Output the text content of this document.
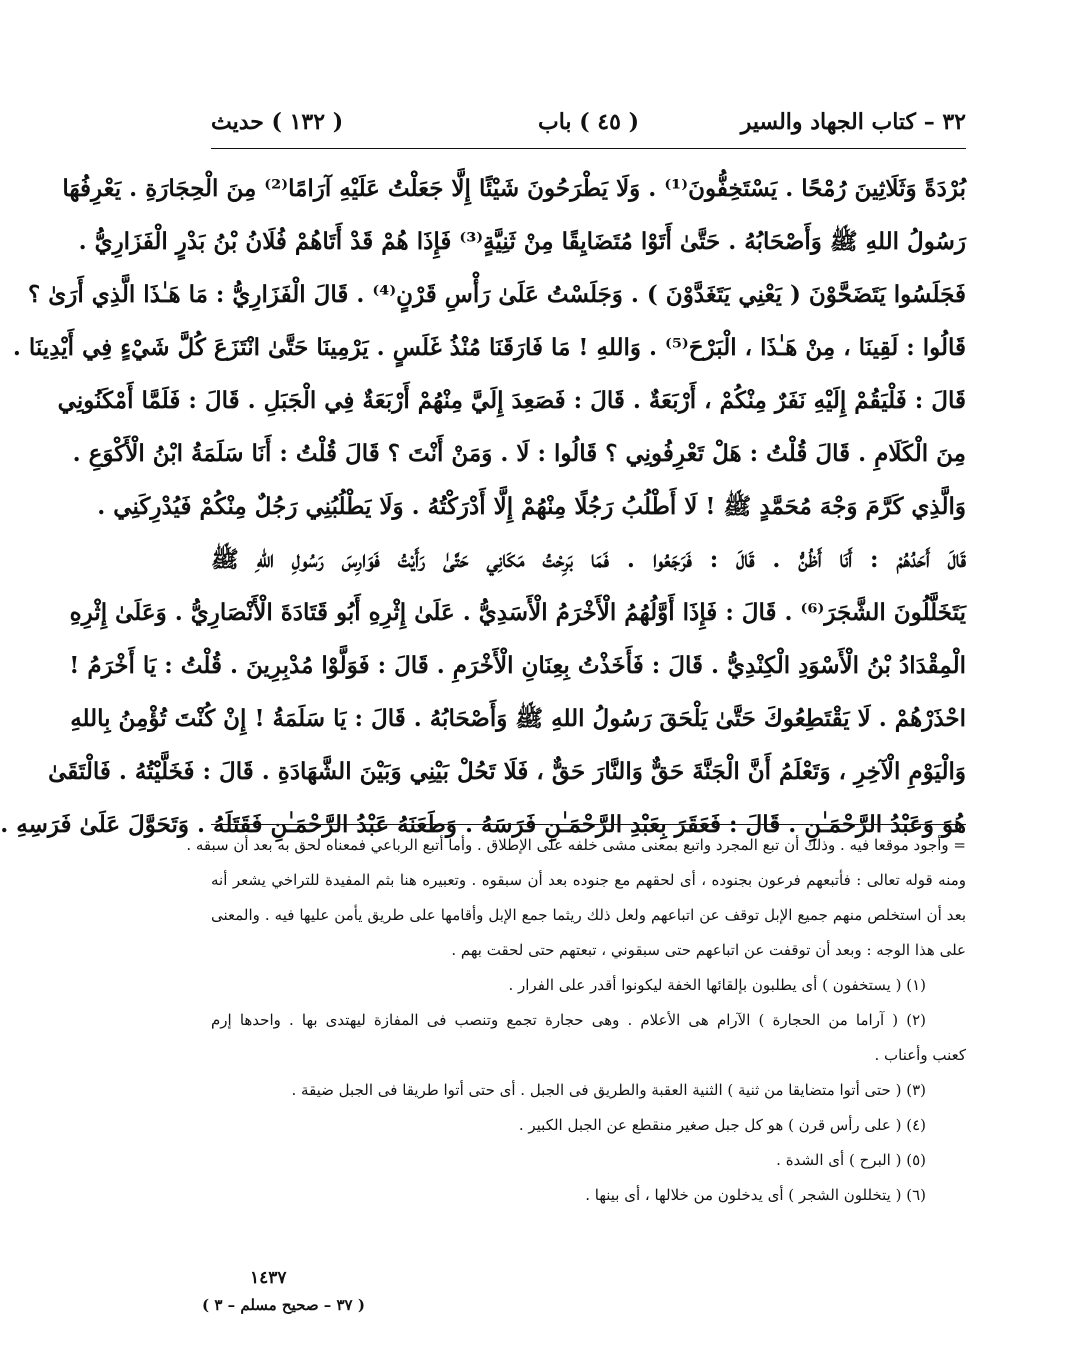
٣٢ – كتاب الجهاد والسير
( ٤٥ ) باب
( ١٣٢ ) حديث
بُرْدَةً وَثَلَاثِينَ رُمْحًا . يَسْتَخِفُّونَ⁽¹⁾ . وَلَا يَطْرَحُونَ شَيْئًا إِلَّا جَعَلْتُ عَلَيْهِ آرَامًا⁽²⁾ مِنَ الْحِجَارَةِ . يَعْرِفُهَا
رَسُولُ اللهِ ﷺ وَأَصْحَابُهُ . حَتَّىٰ أَتَوْا مُتَضَايِقًا مِنْ ثَنِيَّةٍ⁽³⁾ فَإِذَا هُمْ قَدْ أَتَاهُمْ فُلَانُ بْنُ بَدْرٍ الْفَزَارِيُّ .
فَجَلَسُوا يَتَضَحَّوْنَ ( يَعْنِي يَتَغَدَّوْنَ ) . وَجَلَسْتُ عَلَىٰ رَأْسِ قَرْنٍ⁽⁴⁾ . قَالَ الْفَزَارِيُّ : مَا هَـٰذَا الَّذِي أَرَىٰ ؟
قَالُوا : لَقِينَا ، مِنْ هَـٰذَا ، الْبَرْحَ⁽⁵⁾ . وَاللهِ ! مَا فَارَقَنَا مُنْذُ غَلَسٍ . يَرْمِينَا حَتَّىٰ انْتَزَعَ كُلَّ شَيْءٍ فِي أَيْدِينَا .
قَالَ : فَلْيَقُمْ إِلَيْهِ نَفَرٌ مِنْكُمْ ، أَرْبَعَةٌ . قَالَ : فَصَعِدَ إِلَيَّ مِنْهُمْ أَرْبَعَةٌ فِي الْجَبَلِ . قَالَ : فَلَمَّا أَمْكَنُونِي
مِنَ الْكَلَامِ . قَالَ قُلْتُ : هَلْ تَعْرِفُونِي ؟ قَالُوا : لَا . وَمَنْ أَنْتَ ؟ قَالَ قُلْتُ : أَنَا سَلَمَةُ ابْنُ الْأَكْوَعِ .
وَالَّذِي كَرَّمَ وَجْهَ مُحَمَّدٍ ﷺ ! لَا أَطْلُبُ رَجُلًا مِنْهُمْ إِلَّا أَدْرَكْتُهُ . وَلَا يَطْلُبُنِي رَجُلٌ مِنْكُمْ فَيُدْرِكَنِي .
قَالَ أَحَدُهُمْ : أَنَا أَظُنُّ . قَالَ : فَرَجَعُوا . فَمَا بَرِحْتُ مَكَانِي حَتَّىٰ رَأَيْتُ فَوَارِسَ رَسُولِ اللهِ ﷺ
يَتَخَلَّلُونَ الشَّجَرَ⁽⁶⁾ . قَالَ : فَإِذَا أَوَّلُهُمُ الْأَخْرَمُ الْأَسَدِيُّ . عَلَىٰ إِثْرِهِ أَبُو قَتَادَةَ الْأَنْصَارِيُّ . وَعَلَىٰ إِثْرِهِ
الْمِقْدَادُ بْنُ الْأَسْوَدِ الْكِنْدِيُّ . قَالَ : فَأَخَذْتُ بِعِنَانِ الْأَخْرَمِ . قَالَ : فَوَلَّوْا مُدْبِرِينَ . قُلْتُ : يَا أَخْرَمُ !
احْذَرْهُمْ . لَا يَقْتَطِعُوكَ حَتَّىٰ يَلْحَقَ رَسُولُ اللهِ ﷺ وَأَصْحَابُهُ . قَالَ : يَا سَلَمَةُ ! إِنْ كُنْتَ تُؤْمِنُ بِاللهِ
وَالْيَوْمِ الْآخِرِ ، وَتَعْلَمُ أَنَّ الْجَنَّةَ حَقٌّ وَالنَّارَ حَقٌّ ، فَلَا تَحُلْ بَيْنِي وَبَيْنَ الشَّهَادَةِ . قَالَ : فَخَلَّيْتُهُ . فَالْتَقَىٰ
هُوَ وَعَبْدُ الرَّحْمَـٰنِ . قَالَ : فَعَقَرَ بِعَبْدِ الرَّحْمَـٰنِ فَرَسَهُ . وَطَعَنَهُ عَبْدُ الرَّحْمَـٰنِ فَقَتَلَهُ . وَتَحَوَّلَ عَلَىٰ فَرَسِهِ .
= وأجود موقعا فيه . وذلك أن تبع المجرد واتبع بمعنى مشى خلفه على الإطلاق . وأما أتبع الرباعي فمعناه لحق به بعد أن سبقه .
ومنه قوله تعالى : فأتبعهم فرعون بجنوده ، أى لحقهم مع جنوده بعد أن سبقوه . وتعبيره هنا بثم المفيدة للتراخي يشعر أنه
بعد أن استخلص منهم جميع الإبل توقف عن اتباعهم ولعل ذلك ريثما جمع الإبل وأقامها على طريق يأمن عليها فيه . والمعنى
على هذا الوجه : وبعد أن توقفت عن اتباعهم حتى سبقوني ، تبعتهم حتى لحقت بهم .
(١) ( يستخفون ) أى يطلبون بإلقائها الخفة ليكونوا أقدر على الفرار .
(٢) ( آراما من الحجارة ) الآرام هى الأعلام . وهى حجارة تجمع وتنصب فى المفازة ليهتدى بها . واحدها إرم
كعنب وأعناب .
(٣) ( حتى أتوا متضايقا من ثنية ) الثنية العقبة والطريق فى الجبل . أى حتى أتوا طريقا فى الجبل ضيقة .
(٤) ( على رأس قرن ) هو كل جبل صغير منقطع عن الجبل الكبير .
(٥) ( البرح ) أى الشدة .
(٦) ( يتخللون الشجر ) أى يدخلون من خلالها ، أى بينها .
١٤٣٧
( ٣٧ – صحيح مسلم – ٣ )
